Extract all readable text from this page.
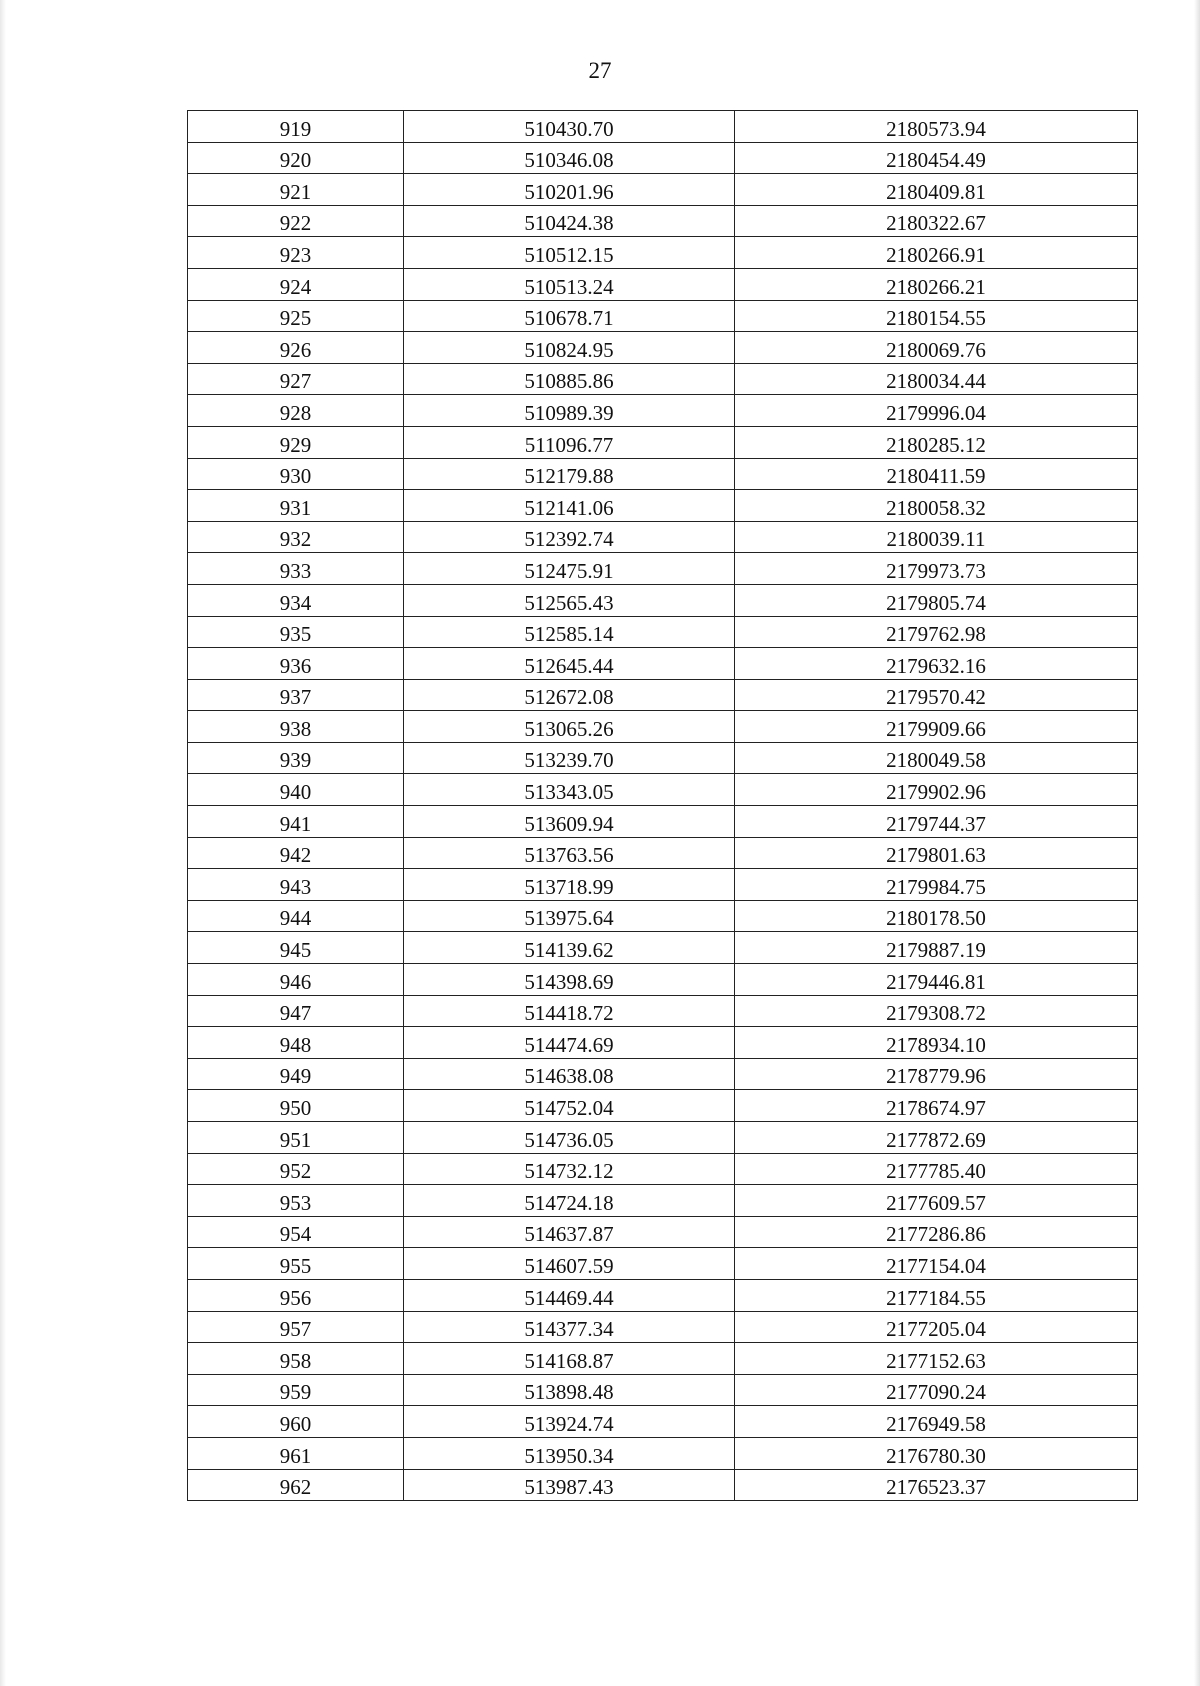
27
919	510430.70	2180573.94
920	510346.08	2180454.49
921	510201.96	2180409.81
922	510424.38	2180322.67
923	510512.15	2180266.91
924	510513.24	2180266.21
925	510678.71	2180154.55
926	510824.95	2180069.76
927	510885.86	2180034.44
928	510989.39	2179996.04
929	511096.77	2180285.12
930	512179.88	2180411.59
931	512141.06	2180058.32
932	512392.74	2180039.11
933	512475.91	2179973.73
934	512565.43	2179805.74
935	512585.14	2179762.98
936	512645.44	2179632.16
937	512672.08	2179570.42
938	513065.26	2179909.66
939	513239.70	2180049.58
940	513343.05	2179902.96
941	513609.94	2179744.37
942	513763.56	2179801.63
943	513718.99	2179984.75
944	513975.64	2180178.50
945	514139.62	2179887.19
946	514398.69	2179446.81
947	514418.72	2179308.72
948	514474.69	2178934.10
949	514638.08	2178779.96
950	514752.04	2178674.97
951	514736.05	2177872.69
952	514732.12	2177785.40
953	514724.18	2177609.57
954	514637.87	2177286.86
955	514607.59	2177154.04
956	514469.44	2177184.55
957	514377.34	2177205.04
958	514168.87	2177152.63
959	513898.48	2177090.24
960	513924.74	2176949.58
961	513950.34	2176780.30
962	513987.43	2176523.37
